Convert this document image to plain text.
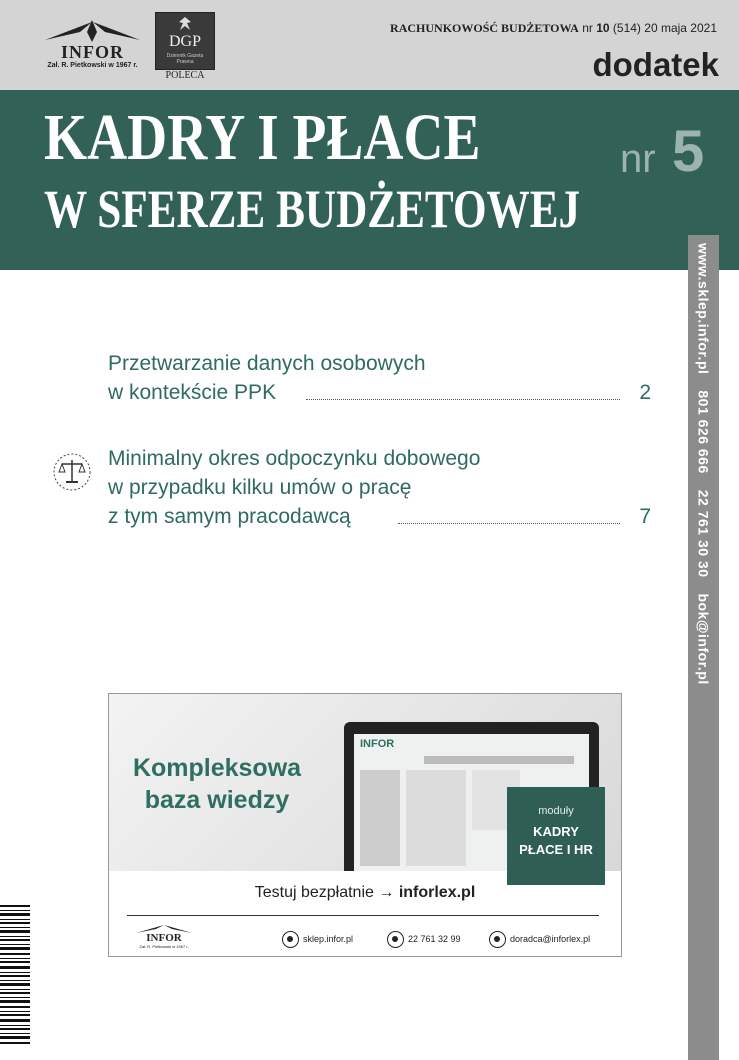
INFOR
Zał. R. Pietkowski w 1967 r.
DGP
Dziennik Gazeta Prawna
POLECA
RACHUNKOWOŚĆ BUDŻETOWA nr 10 (514) 20 maja 2021
dodatek
KADRY I PŁACE
W SFERZE BUDŻETOWEJ
nr 5
www.sklep.infor.pl801 626 66622 761 30 30bok@infor.pl
Przetwarzanie danych osobowych
w kontekście PPK	2
Minimalny okres odpoczynku dobowego
w przypadku kilku umów o pracę
z tym samym pracodawcą	7
Kompleksowa
baza wiedzy
INFOR
moduły
KADRY
PŁACE I HR
Testuj bezpłatnie → inforlex.pl
INFOR
Zał. R. Pietkowski w 1967 r.
sklep.infor.pl	22 761 32 99	doradca@inforlex.pl
